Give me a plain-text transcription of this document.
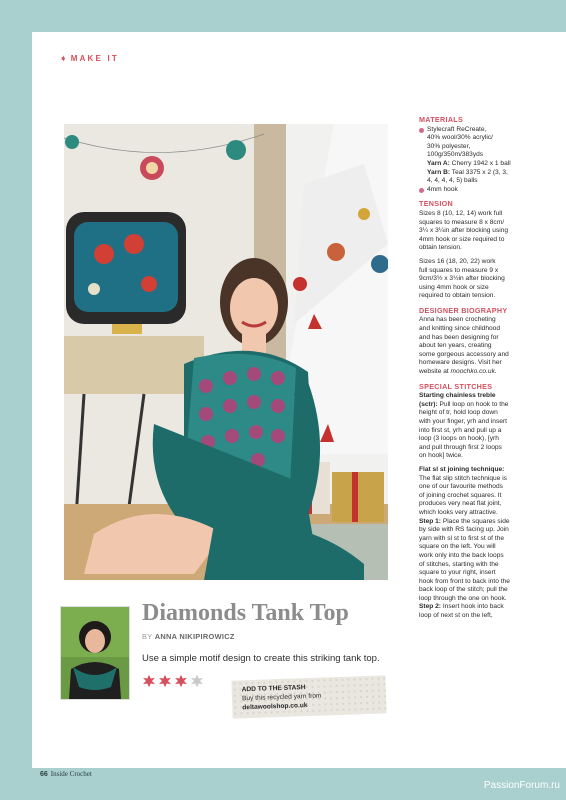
➧ MAKE IT
MATERIALS
Stylecraft ReCreate,
40% wool/30% acrylic/
30% polyester,
100g/350m/383yds
Yarn A: Cherry 1942 x 1 ball
Yarn B: Teal 3375 x 2 (3, 3,
4, 4, 4, 4, 5) balls
4mm hook
TENSION

Sizes 8 (10, 12, 14) work full
squares to measure 8 x 8cm/
3¼ x 3¼in after blocking using
4mm hook or size required to
obtain tension.

Sizes 16 (18, 20, 22) work
full squares to measure 9 x
9cm/3½ x 3½in after blocking
using 4mm hook or size
required to obtain tension.

DESIGNER BIOGRAPHY

Anna has been crocheting
and knitting since childhood
and has been designing for
about ten years, creating
some gorgeous accessory and
homeware designs. Visit her
website at moochko.co.uk.

SPECIAL STITCHES

Starting chainless treble
(sctr): Pull loop on hook to the
height of tr, hold loop down
with your finger, yrh and insert
into first st, yrh and pull up a
loop (3 loops on hook), [yrh
and pull through first 2 loops
on hook] twice.

Flat sl st joining technique:
The flat slip stitch technique is
one of our favourite methods
of joining crochet squares. It
produces very neat flat joint,
which looks very attractive.
Step 1: Place the squares side
by side with RS facing up. Join
yarn with sl st to first st of the
square on the left. You will
work only into the back loops
of stitches, starting with the
square to your right, insert
hook from front to back into the
back loop of the stitch; pull the
loop through the one on hook.
Step 2: Insert hook into back
loop of next st on the left,

Diamonds Tank Top
BY ANNA NIKIPIROWICZ
Use a simple motif design to create this striking tank top.
ADD TO THE STASH
Buy this recycled yarn from
deltawoolshop.co.uk
66 Inside Crochet
PassionForum.ru
